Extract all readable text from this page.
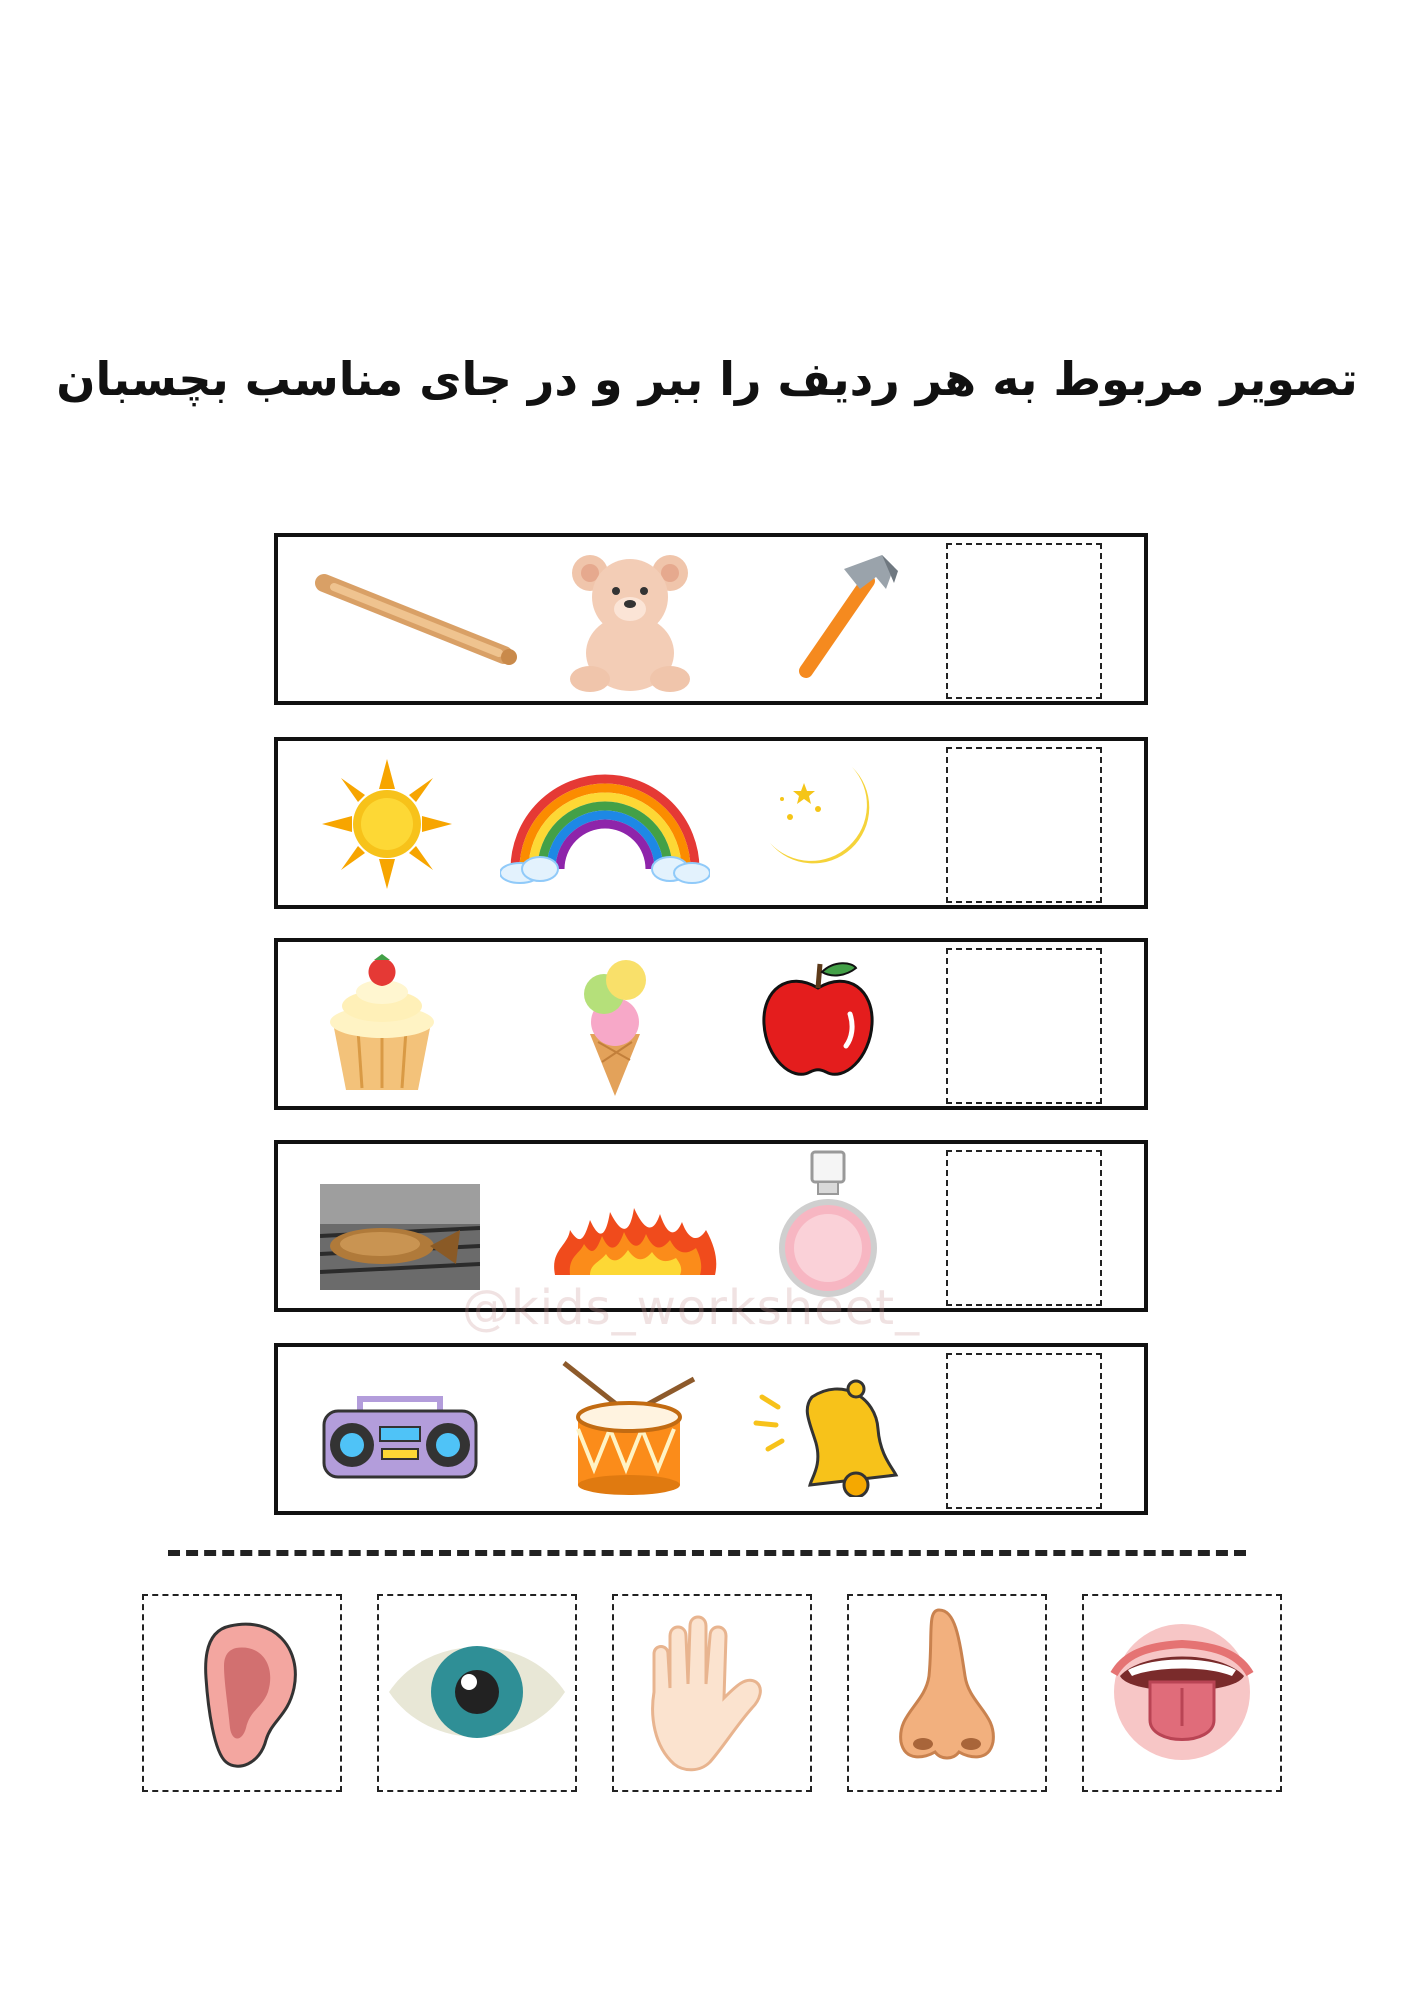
تصویر مربوط به هر ردیف را ببر و در جای مناسب بچسبان
@kids_worksheet_
